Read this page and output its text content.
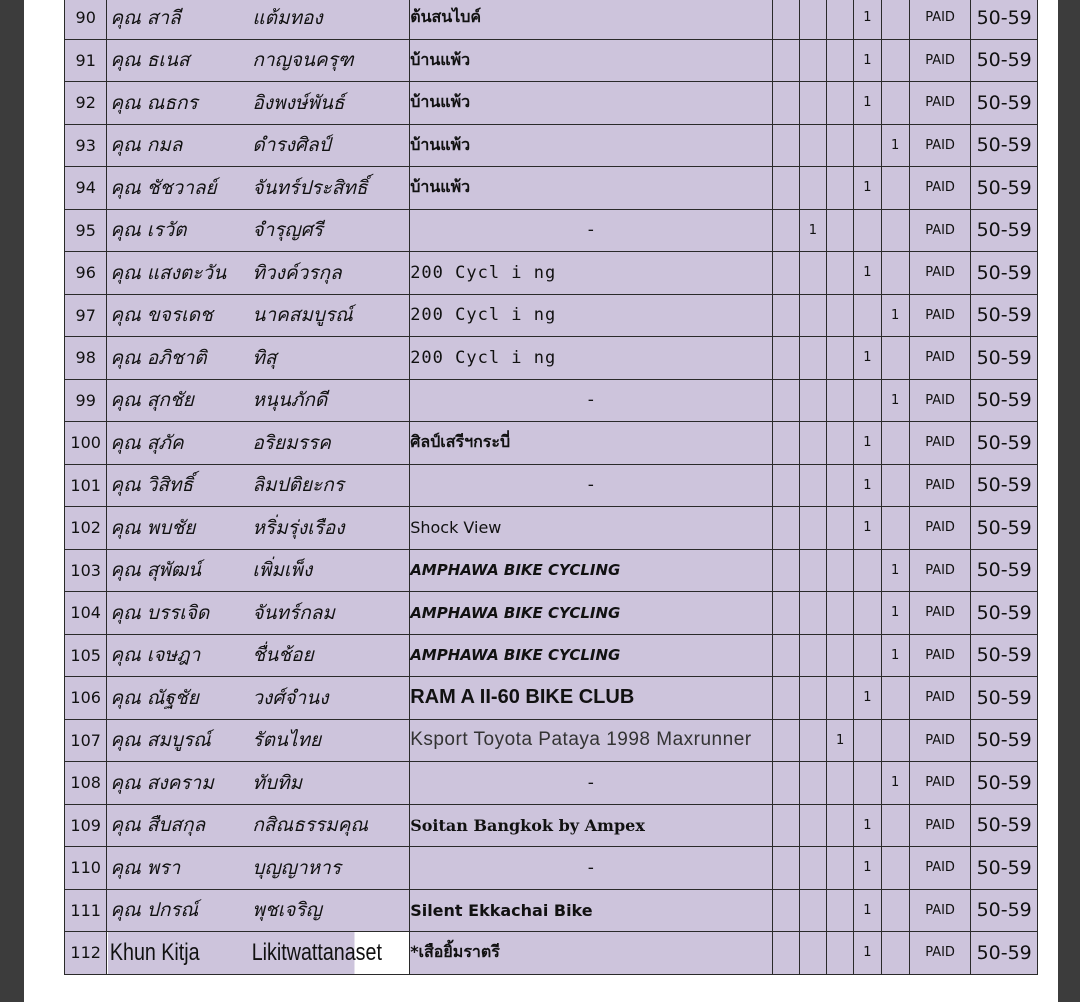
90	คุณ สาลี แต้มทอง	ต้นสนไบค์				1		PAID	50-59
91	คุณ ธเนส กาญจนครุฑ	บ้านแพ้ว				1		PAID	50-59
92	คุณ ณธกร อิงพงษ์พันธ์	บ้านแพ้ว				1		PAID	50-59
93	คุณ กมล ดำรงศิลป์	บ้านแพ้ว					1	PAID	50-59
94	คุณ ชัชวาลย์ จันทร์ประสิทธิ์	บ้านแพ้ว				1		PAID	50-59
95	คุณ เรวัต จำรุญศรี	-		1				PAID	50-59
96	คุณ แสงตะวัน ทิวงค์วรกุล	200 Cycl i ng				1		PAID	50-59
97	คุณ ขจรเดช นาคสมบูรณ์	200 Cycl i ng					1	PAID	50-59
98	คุณ อภิชาติ ทิสุ	200 Cycl i ng				1		PAID	50-59
99	คุณ สุกชัย หนุนภักดี	-					1	PAID	50-59
100	คุณ สุภัค อริยมรรค	ศิลป์เสรีฯกระบี่				1		PAID	50-59
101	คุณ วิสิทธิ์ ลิมปติยะกร	-				1		PAID	50-59
102	คุณ พบชัย หริ่มรุ่งเรือง	Shock View				1		PAID	50-59
103	คุณ สุพัฒน์ เพิ่มเพ็ง	AMPHAWA BIKE CYCLING					1	PAID	50-59
104	คุณ บรรเจิด จันทร์กลม	AMPHAWA BIKE CYCLING					1	PAID	50-59
105	คุณ เจษฎา ชื่นช้อย	AMPHAWA BIKE CYCLING					1	PAID	50-59
106	คุณ ณัฐชัย วงศ์จำนง	RAM A II-60 BIKE CLUB				1		PAID	50-59
107	คุณ สมบูรณ์ รัตนไทย	Ksport Toyota Pataya 1998 Maxrunner			1			PAID	50-59
108	คุณ สงคราม ทับทิม	-					1	PAID	50-59
109	คุณ สืบสกุล กสิณธรรมคุณ	Soitan Bangkok by Ampex				1		PAID	50-59
110	คุณ พรา บุญญาหาร	-				1		PAID	50-59
111	คุณ ปกรณ์ พุชเจริญ	Silent Ekkachai Bike				1		PAID	50-59
112	Khun Kitja Likitwattanaset	*เสือยิ้มราตรี				1		PAID	50-59
